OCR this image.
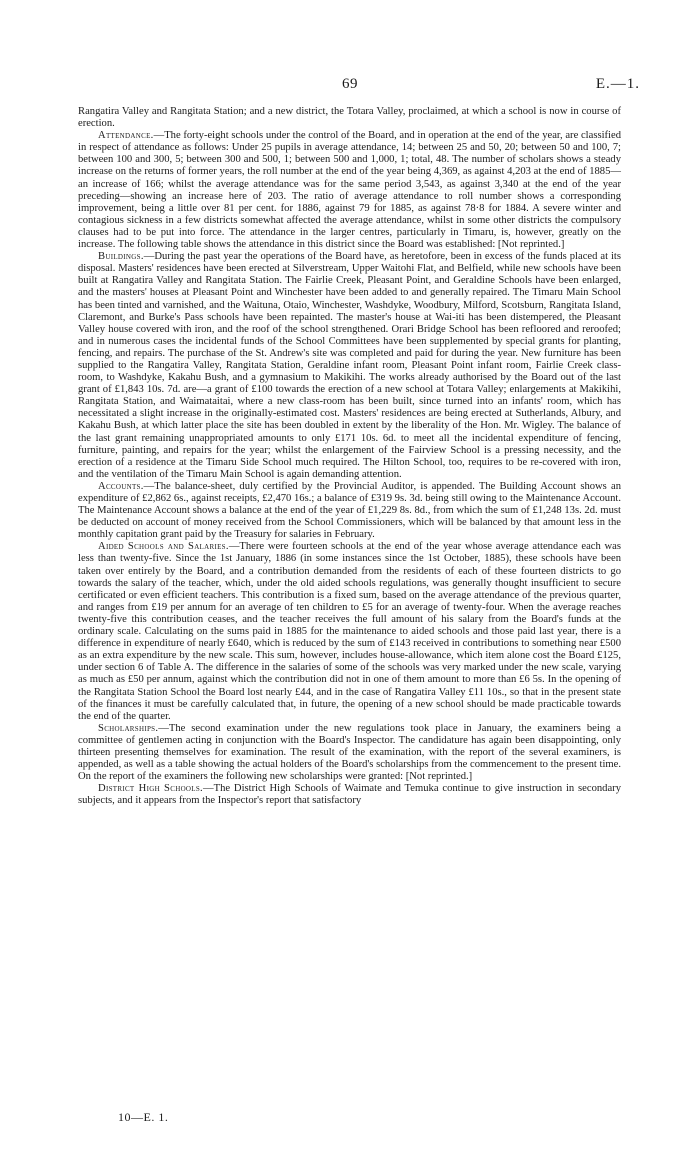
69	E.—1.

Rangatira Valley and Rangitata Station; and a new district, the Totara Valley, proclaimed, at which a school is now in course of erection.

Attendance.—The forty-eight schools under the control of the Board, and in operation at the end of the year, are classified in respect of attendance as follows: Under 25 pupils in average attendance, 14; between 25 and 50, 20; between 50 and 100, 7; between 100 and 300, 5; between 300 and 500, 1; between 500 and 1,000, 1; total, 48. The number of scholars shows a steady increase on the returns of former years, the roll number at the end of the year being 4,369, as against 4,203 at the end of 1885—an increase of 166; whilst the average attendance was for the same period 3,543, as against 3,340 at the end of the year preceding—showing an increase here of 203. The ratio of average attendance to roll number shows a corresponding improvement, being a little over 81 per cent. for 1886, against 79 for 1885, as against 78·8 for 1884. A severe winter and contagious sickness in a few districts somewhat affected the average attendance, whilst in some other districts the compulsory clauses had to be put into force. The attendance in the larger centres, particularly in Timaru, is, however, greatly on the increase. The following table shows the attendance in this district since the Board was established: [Not reprinted.]

Buildings.—During the past year the operations of the Board have, as heretofore, been in excess of the funds placed at its disposal. Masters' residences have been erected at Silverstream, Upper Waitohi Flat, and Belfield, while new schools have been built at Rangatira Valley and Rangitata Station. The Fairlie Creek, Pleasant Point, and Geraldine Schools have been enlarged, and the masters' houses at Pleasant Point and Winchester have been added to and generally repaired. The Timaru Main School has been tinted and varnished, and the Waituna, Otaio, Winchester, Washdyke, Woodbury, Milford, Scotsburn, Rangitata Island, Claremont, and Burke's Pass schools have been repainted. The master's house at Wai-iti has been distempered, the Pleasant Valley house covered with iron, and the roof of the school strengthened. Orari Bridge School has been refloored and reroofed; and in numerous cases the incidental funds of the School Committees have been supplemented by special grants for planting, fencing, and repairs. The purchase of the St. Andrew's site was completed and paid for during the year. New furniture has been supplied to the Rangatira Valley, Rangitata Station, Geraldine infant room, Pleasant Point infant room, Fairlie Creek class-room, to Washdyke, Kakahu Bush, and a gymnasium to Makikihi. The works already authorised by the Board out of the last grant of £1,843 10s. 7d. are—a grant of £100 towards the erection of a new school at Totara Valley; enlargements at Makikihi, Rangitata Station, and Waimataitai, where a new class-room has been built, since turned into an infants' room, which has necessitated a slight increase in the originally-estimated cost. Masters' residences are being erected at Sutherlands, Albury, and Kakahu Bush, at which latter place the site has been doubled in extent by the liberality of the Hon. Mr. Wigley. The balance of the last grant remaining unappropriated amounts to only £171 10s. 6d. to meet all the incidental expenditure of fencing, furniture, painting, and repairs for the year; whilst the enlargement of the Fairview School is a pressing necessity, and the erection of a residence at the Timaru Side School much required. The Hilton School, too, requires to be re-covered with iron, and the ventilation of the Timaru Main School is again demanding attention.

Accounts.—The balance-sheet, duly certified by the Provincial Auditor, is appended. The Building Account shows an expenditure of £2,862 6s., against receipts, £2,470 16s.; a balance of £319 9s. 3d. being still owing to the Maintenance Account. The Maintenance Account shows a balance at the end of the year of £1,229 8s. 8d., from which the sum of £1,248 13s. 2d. must be deducted on account of money received from the School Commissioners, which will be balanced by that amount less in the monthly capitation grant paid by the Treasury for salaries in February.

Aided Schools and Salaries.—There were fourteen schools at the end of the year whose average attendance each was less than twenty-five. Since the 1st January, 1886 (in some instances since the 1st October, 1885), these schools have been taken over entirely by the Board, and a contribution demanded from the residents of each of these fourteen districts to go towards the salary of the teacher, which, under the old aided schools regulations, was generally thought insufficient to secure certificated or even efficient teachers. This contribution is a fixed sum, based on the average attendance of the previous quarter, and ranges from £19 per annum for an average of ten children to £5 for an average of twenty-four. When the average reaches twenty-five this contribution ceases, and the teacher receives the full amount of his salary from the Board's funds at the ordinary scale. Calculating on the sums paid in 1885 for the maintenance to aided schools and those paid last year, there is a difference in expenditure of nearly £640, which is reduced by the sum of £143 received in contributions to something near £500 as an extra expenditure by the new scale. This sum, however, includes house-allowance, which item alone cost the Board £125, under section 6 of Table A. The difference in the salaries of some of the schools was very marked under the new scale, varying as much as £50 per annum, against which the contribution did not in one of them amount to more than £6 5s. In the opening of the Rangitata Station School the Board lost nearly £44, and in the case of Rangatira Valley £11 10s., so that in the present state of the finances it must be carefully calculated that, in future, the opening of a new school should be made practicable towards the end of the quarter.

Scholarships.—The second examination under the new regulations took place in January, the examiners being a committee of gentlemen acting in conjunction with the Board's Inspector. The candidature has again been disappointing, only thirteen presenting themselves for examination. The result of the examination, with the report of the several examiners, is appended, as well as a table showing the actual holders of the Board's scholarships from the commencement to the present time. On the report of the examiners the following new scholarships were granted: [Not reprinted.]

District High Schools.—The District High Schools of Waimate and Temuka continue to give instruction in secondary subjects, and it appears from the Inspector's report that satisfactory

10—E. 1.
